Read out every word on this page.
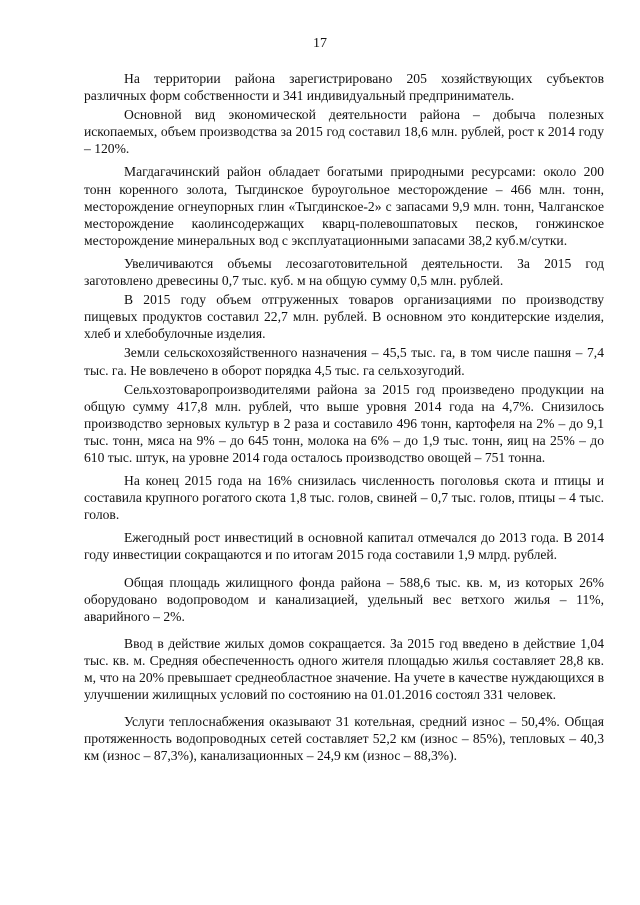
17

На территории района зарегистрировано 205 хозяйствующих субъектов различных форм собственности и 341 индивидуальный предприниматель.

Основной вид экономической деятельности района – добыча полезных ископаемых, объем производства за 2015 год составил 18,6 млн. рублей, рост к 2014 году – 120%.

Магдагачинский район обладает богатыми природными ресурсами: около 200 тонн коренного золота, Тыгдинское буроугольное месторождение – 466 млн. тонн, месторождение огнеупорных глин «Тыгдинское-2» с запасами 9,9 млн. тонн, Чалганское месторождение каолинсодержащих кварц-полевошпатовых песков, гонжинское месторождение минеральных вод с эксплуатационными запасами 38,2 куб.м/сутки.

Увеличиваются объемы лесозаготовительной деятельности. За 2015 год заготовлено древесины 0,7 тыс. куб. м на общую сумму 0,5 млн. рублей.

В 2015 году объем отгруженных товаров организациями по производству пищевых продуктов составил 22,7 млн. рублей. В основном это кондитерские изделия, хлеб и хлебобулочные изделия.

Земли сельскохозяйственного назначения – 45,5 тыс. га, в том числе пашня – 7,4 тыс. га. Не вовлечено в оборот порядка 4,5 тыс. га сельхозугодий.

Сельхозтоваропроизводителями района за 2015 год произведено продукции на общую сумму 417,8 млн. рублей, что выше уровня 2014 года на 4,7%. Снизилось производство зерновых культур в 2 раза и составило 496 тонн, картофеля на 2% – до 9,1 тыс. тонн, мяса на 9% – до 645 тонн, молока на 6% – до 1,9 тыс. тонн, яиц на 25% – до 610 тыс. штук, на уровне 2014 года осталось производство овощей – 751 тонна.

На конец 2015 года на 16% снизилась численность поголовья скота и птицы и составила крупного рогатого скота 1,8 тыс. голов, свиней – 0,7 тыс. голов, птицы – 4 тыс. голов.

Ежегодный рост инвестиций в основной капитал отмечался до 2013 года. В 2014 году инвестиции сокращаются и по итогам 2015 года составили 1,9 млрд. рублей.

Общая площадь жилищного фонда района – 588,6 тыс. кв. м, из которых 26% оборудовано водопроводом и канализацией, удельный вес ветхого жилья – 11%, аварийного – 2%.

Ввод в действие жилых домов сокращается. За 2015 год введено в действие 1,04 тыс. кв. м. Средняя обеспеченность одного жителя площадью жилья составляет 28,8 кв. м, что на 20% превышает среднеобластное значение. На учете в качестве нуждающихся в улучшении жилищных условий по состоянию на 01.01.2016 состоял 331 человек.

Услуги теплоснабжения оказывают 31 котельная, средний износ – 50,4%. Общая протяженность водопроводных сетей составляет 52,2 км (износ – 85%), тепловых – 40,3 км (износ – 87,3%), канализационных – 24,9 км (износ – 88,3%).
